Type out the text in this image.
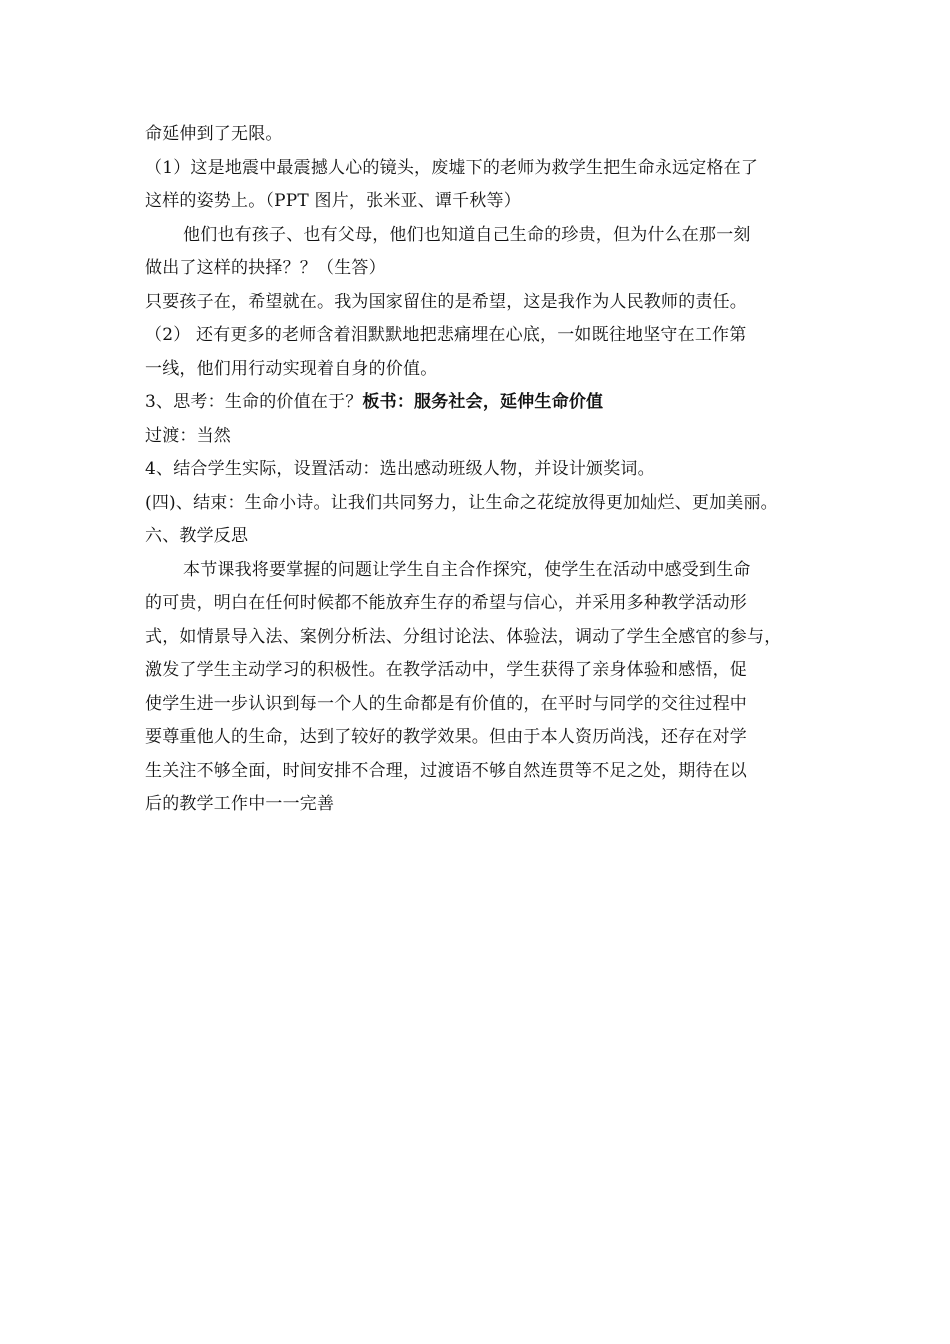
命延伸到了无限。
（1）这是地震中最震撼人心的镜头，废墟下的老师为救学生把生命永远定格在了
这样的姿势上。（PPT 图片，张米亚、谭千秋等）
他们也有孩子、也有父母，他们也知道自己生命的珍贵，但为什么在那一刻
做出了这样的抉择？？（生答）
只要孩子在，希望就在。我为国家留住的是希望，这是我作为人民教师的责任。
（2） 还有更多的老师含着泪默默地把悲痛埋在心底，一如既往地坚守在工作第
一线，他们用行动实现着自身的价值。
3、思考：生命的价值在于？板书：服务社会，延伸生命价值
过渡：当然
4、结合学生实际，设置活动：选出感动班级人物，并设计颁奖词。
(四)、结束：生命小诗。让我们共同努力，让生命之花绽放得更加灿烂、更加美丽。
六、教学反思
本节课我将要掌握的问题让学生自主合作探究，使学生在活动中感受到生命
的可贵，明白在任何时候都不能放弃生存的希望与信心，并采用多种教学活动形
式，如情景导入法、案例分析法、分组讨论法、体验法，调动了学生全感官的参与，
激发了学生主动学习的积极性。在教学活动中，学生获得了亲身体验和感悟，促
使学生进一步认识到每一个人的生命都是有价值的，在平时与同学的交往过程中
要尊重他人的生命，达到了较好的教学效果。但由于本人资历尚浅，还存在对学
生关注不够全面，时间安排不合理，过渡语不够自然连贯等不足之处，期待在以
后的教学工作中一一完善
